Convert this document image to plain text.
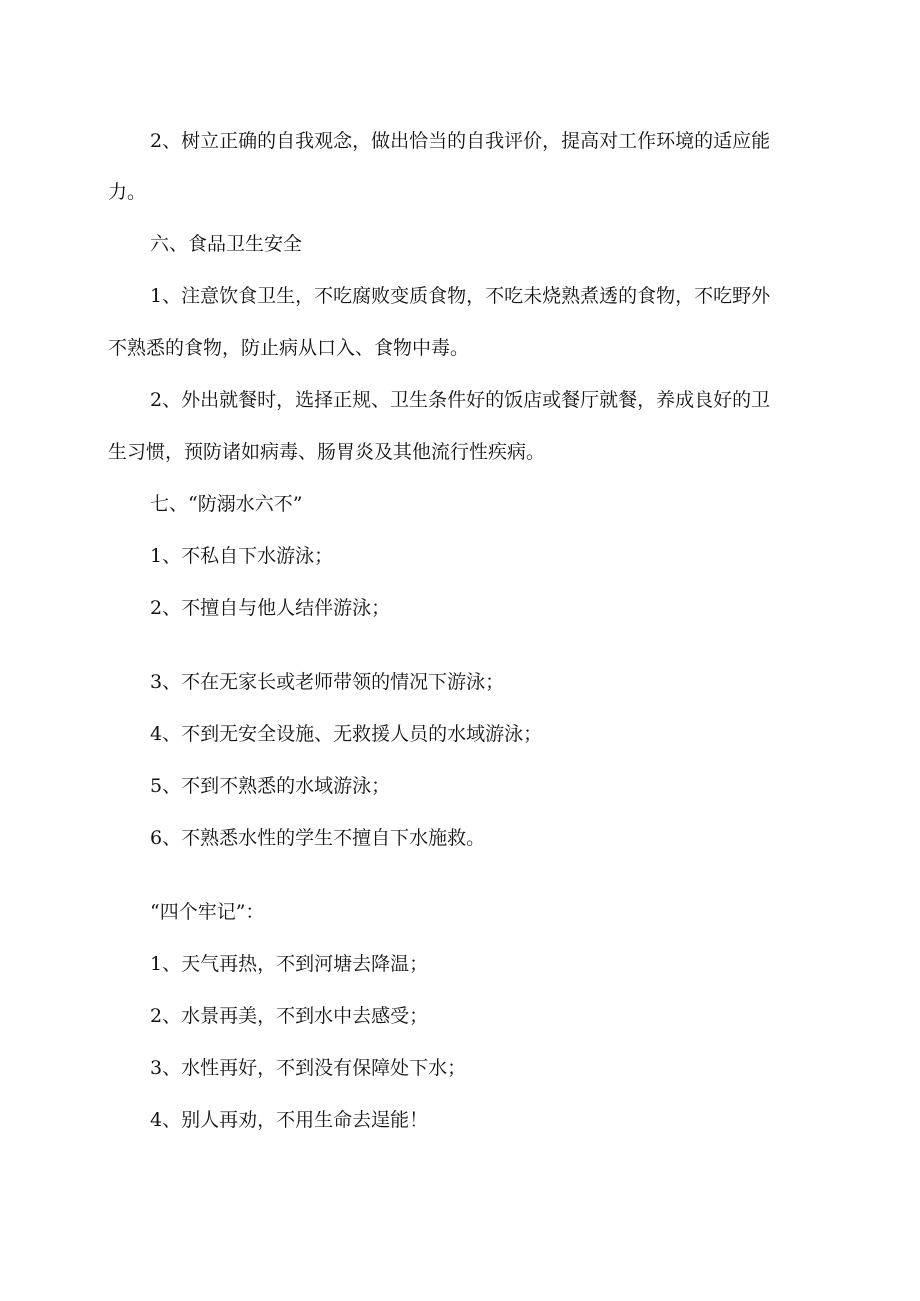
2、树立正确的自我观念，做出恰当的自我评价，提高对工作环境的适应能

力。

六、食品卫生安全

1、注意饮食卫生，不吃腐败变质食物，不吃未烧熟煮透的食物，不吃野外

不熟悉的食物，防止病从口入、食物中毒。

2、外出就餐时，选择正规、卫生条件好的饭店或餐厅就餐，养成良好的卫

生习惯，预防诸如病毒、肠胃炎及其他流行性疾病。

七、“防溺水六不”

1、不私自下水游泳；

2、不擅自与他人结伴游泳；

3、不在无家长或老师带领的情况下游泳；

4、不到无安全设施、无救援人员的水域游泳；

5、不到不熟悉的水域游泳；

6、不熟悉水性的学生不擅自下水施救。

“四个牢记”：

1、天气再热，不到河塘去降温；

2、水景再美，不到水中去感受；

3、水性再好，不到没有保障处下水；

4、别人再劝，不用生命去逞能！
